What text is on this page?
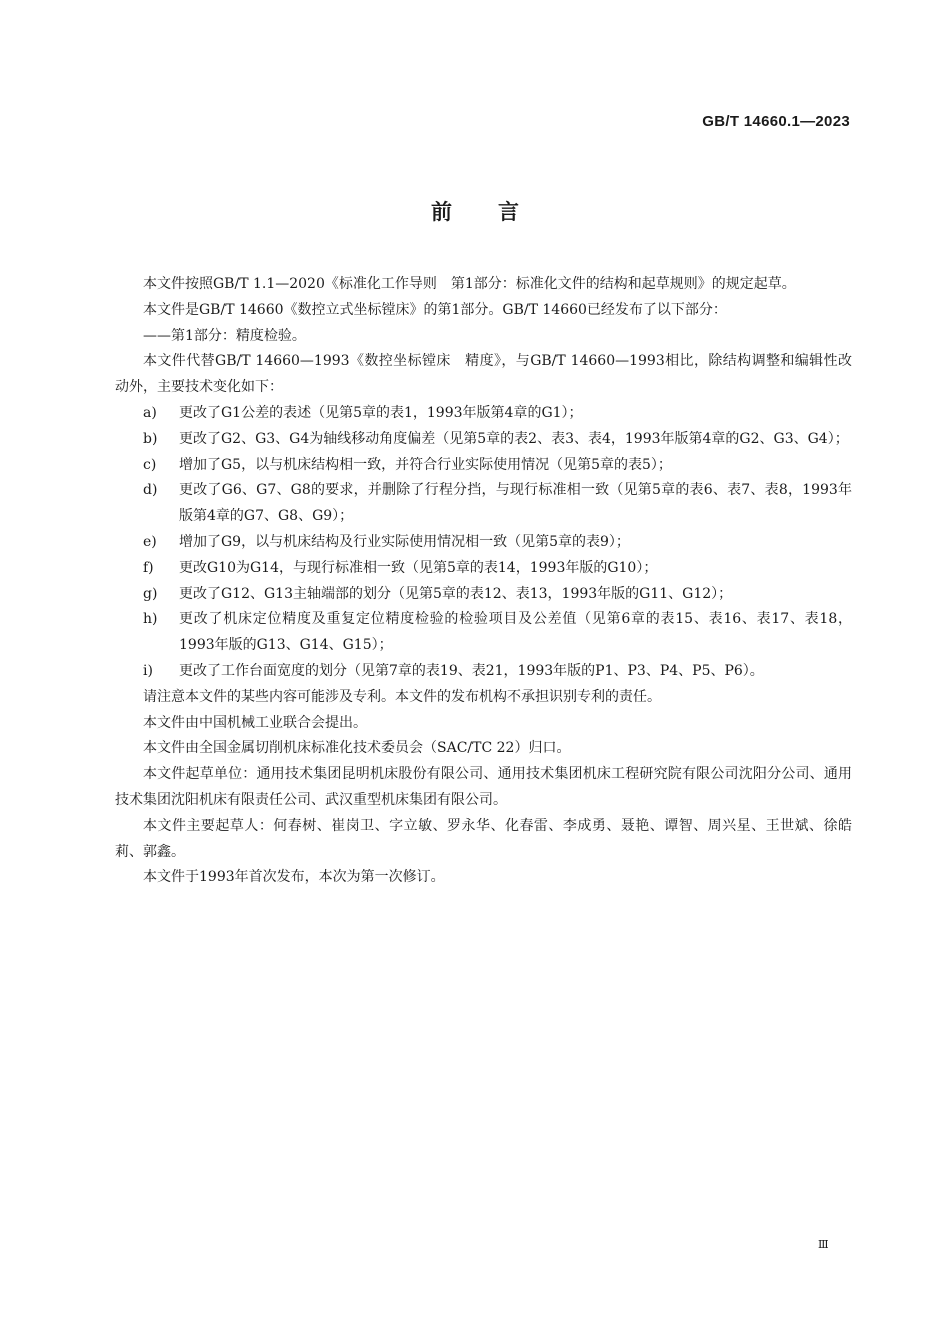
GB/T 14660.1—2023
前言

本文件按照GB/T 1.1—2020《标准化工作导则　第1部分：标准化文件的结构和起草规则》的规定起草。

本文件是GB/T 14660《数控立式坐标镗床》的第1部分。GB/T 14660已经发布了以下部分：

——第1部分：精度检验。

本文件代替GB/T 14660—1993《数控坐标镗床　精度》，与GB/T 14660—1993相比，除结构调整和编辑性改动外，主要技术变化如下：

a)	更改了G1公差的表述（见第5章的表1，1993年版第4章的G1）；
b)	更改了G2、G3、G4为轴线移动角度偏差（见第5章的表2、表3、表4，1993年版第4章的G2、G3、G4）；
c)	增加了G5，以与机床结构相一致，并符合行业实际使用情况（见第5章的表5）；
d)	更改了G6、G7、G8的要求，并删除了行程分挡，与现行标准相一致（见第5章的表6、表7、表8，1993年版第4章的G7、G8、G9）；
e)	增加了G9，以与机床结构及行业实际使用情况相一致（见第5章的表9）；
f)	更改G10为G14，与现行标准相一致（见第5章的表14，1993年版的G10）；
g)	更改了G12、G13主轴端部的划分（见第5章的表12、表13，1993年版的G11、G12）；
h)	更改了机床定位精度及重复定位精度检验的检验项目及公差值（见第6章的表15、表16、表17、表18，1993年版的G13、G14、G15）；
i)	更改了工作台面宽度的划分（见第7章的表19、表21，1993年版的P1、P3、P4、P5、P6）。

请注意本文件的某些内容可能涉及专利。本文件的发布机构不承担识别专利的责任。

本文件由中国机械工业联合会提出。

本文件由全国金属切削机床标准化技术委员会（SAC/TC 22）归口。

本文件起草单位：通用技术集团昆明机床股份有限公司、通用技术集团机床工程研究院有限公司沈阳分公司、通用技术集团沈阳机床有限责任公司、武汉重型机床集团有限公司。

本文件主要起草人：何春树、崔岗卫、字立敏、罗永华、化春雷、李成勇、聂艳、谭智、周兴星、王世斌、徐皓莉、郭鑫。

本文件于1993年首次发布，本次为第一次修订。

Ⅲ
